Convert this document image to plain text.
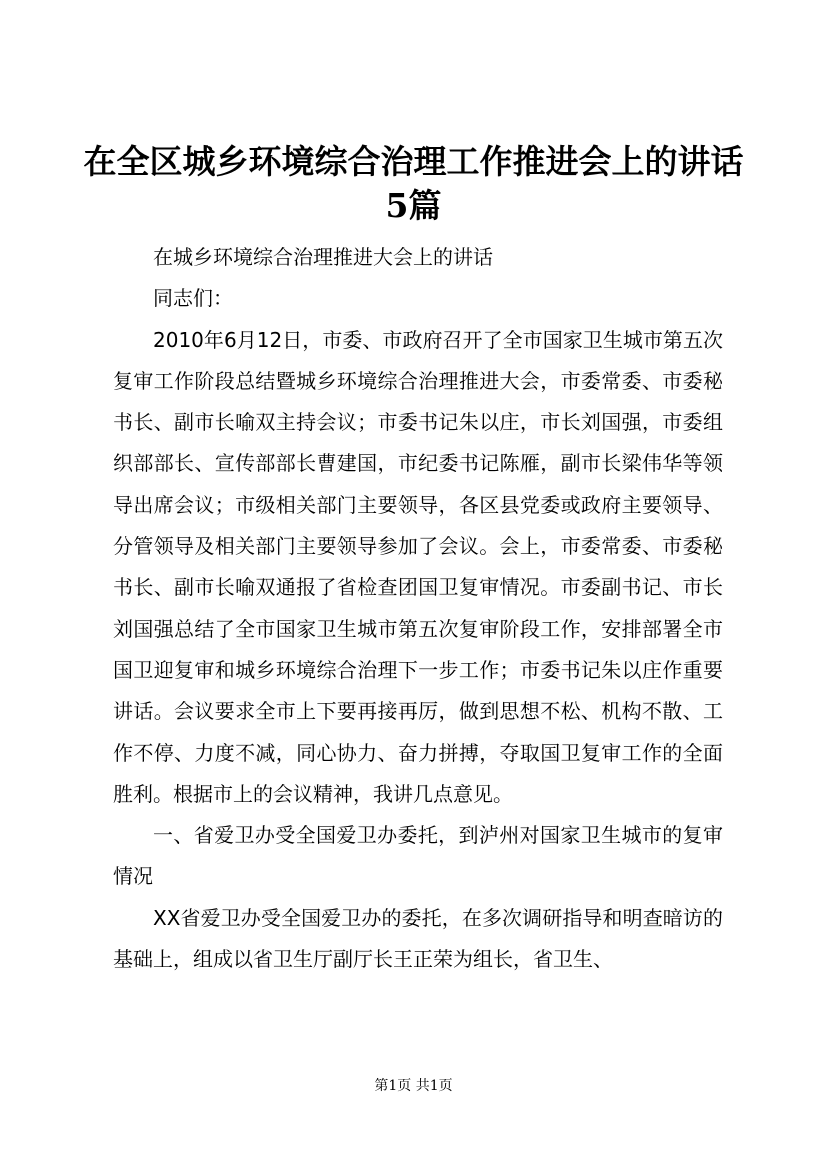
在全区城乡环境综合治理工作推进会上的讲话
5篇

在城乡环境综合治理推进大会上的讲话

同志们：

2010年6月12日，市委、市政府召开了全市国家卫生城市第五次复审工作阶段总结暨城乡环境综合治理推进大会，市委常委、市委秘书长、副市长喻双主持会议；市委书记朱以庄，市长刘国强，市委组织部部长、宣传部部长曹建国，市纪委书记陈雁，副市长梁伟华等领导出席会议；市级相关部门主要领导，各区县党委或政府主要领导、分管领导及相关部门主要领导参加了会议。会上，市委常委、市委秘书长、副市长喻双通报了省检查团国卫复审情况。市委副书记、市长刘国强总结了全市国家卫生城市第五次复审阶段工作，安排部署全市国卫迎复审和城乡环境综合治理下一步工作；市委书记朱以庄作重要讲话。会议要求全市上下要再接再厉，做到思想不松、机构不散、工作不停、力度不减，同心协力、奋力拼搏，夺取国卫复审工作的全面胜利。根据市上的会议精神，我讲几点意见。

一、省爱卫办受全国爱卫办委托，到泸州对国家卫生城市的复审情况

XX省爱卫办受全国爱卫办的委托，在多次调研指导和明查暗访的基础上，组成以省卫生厅副厅长王正荣为组长，省卫生、

第1页 共1页
